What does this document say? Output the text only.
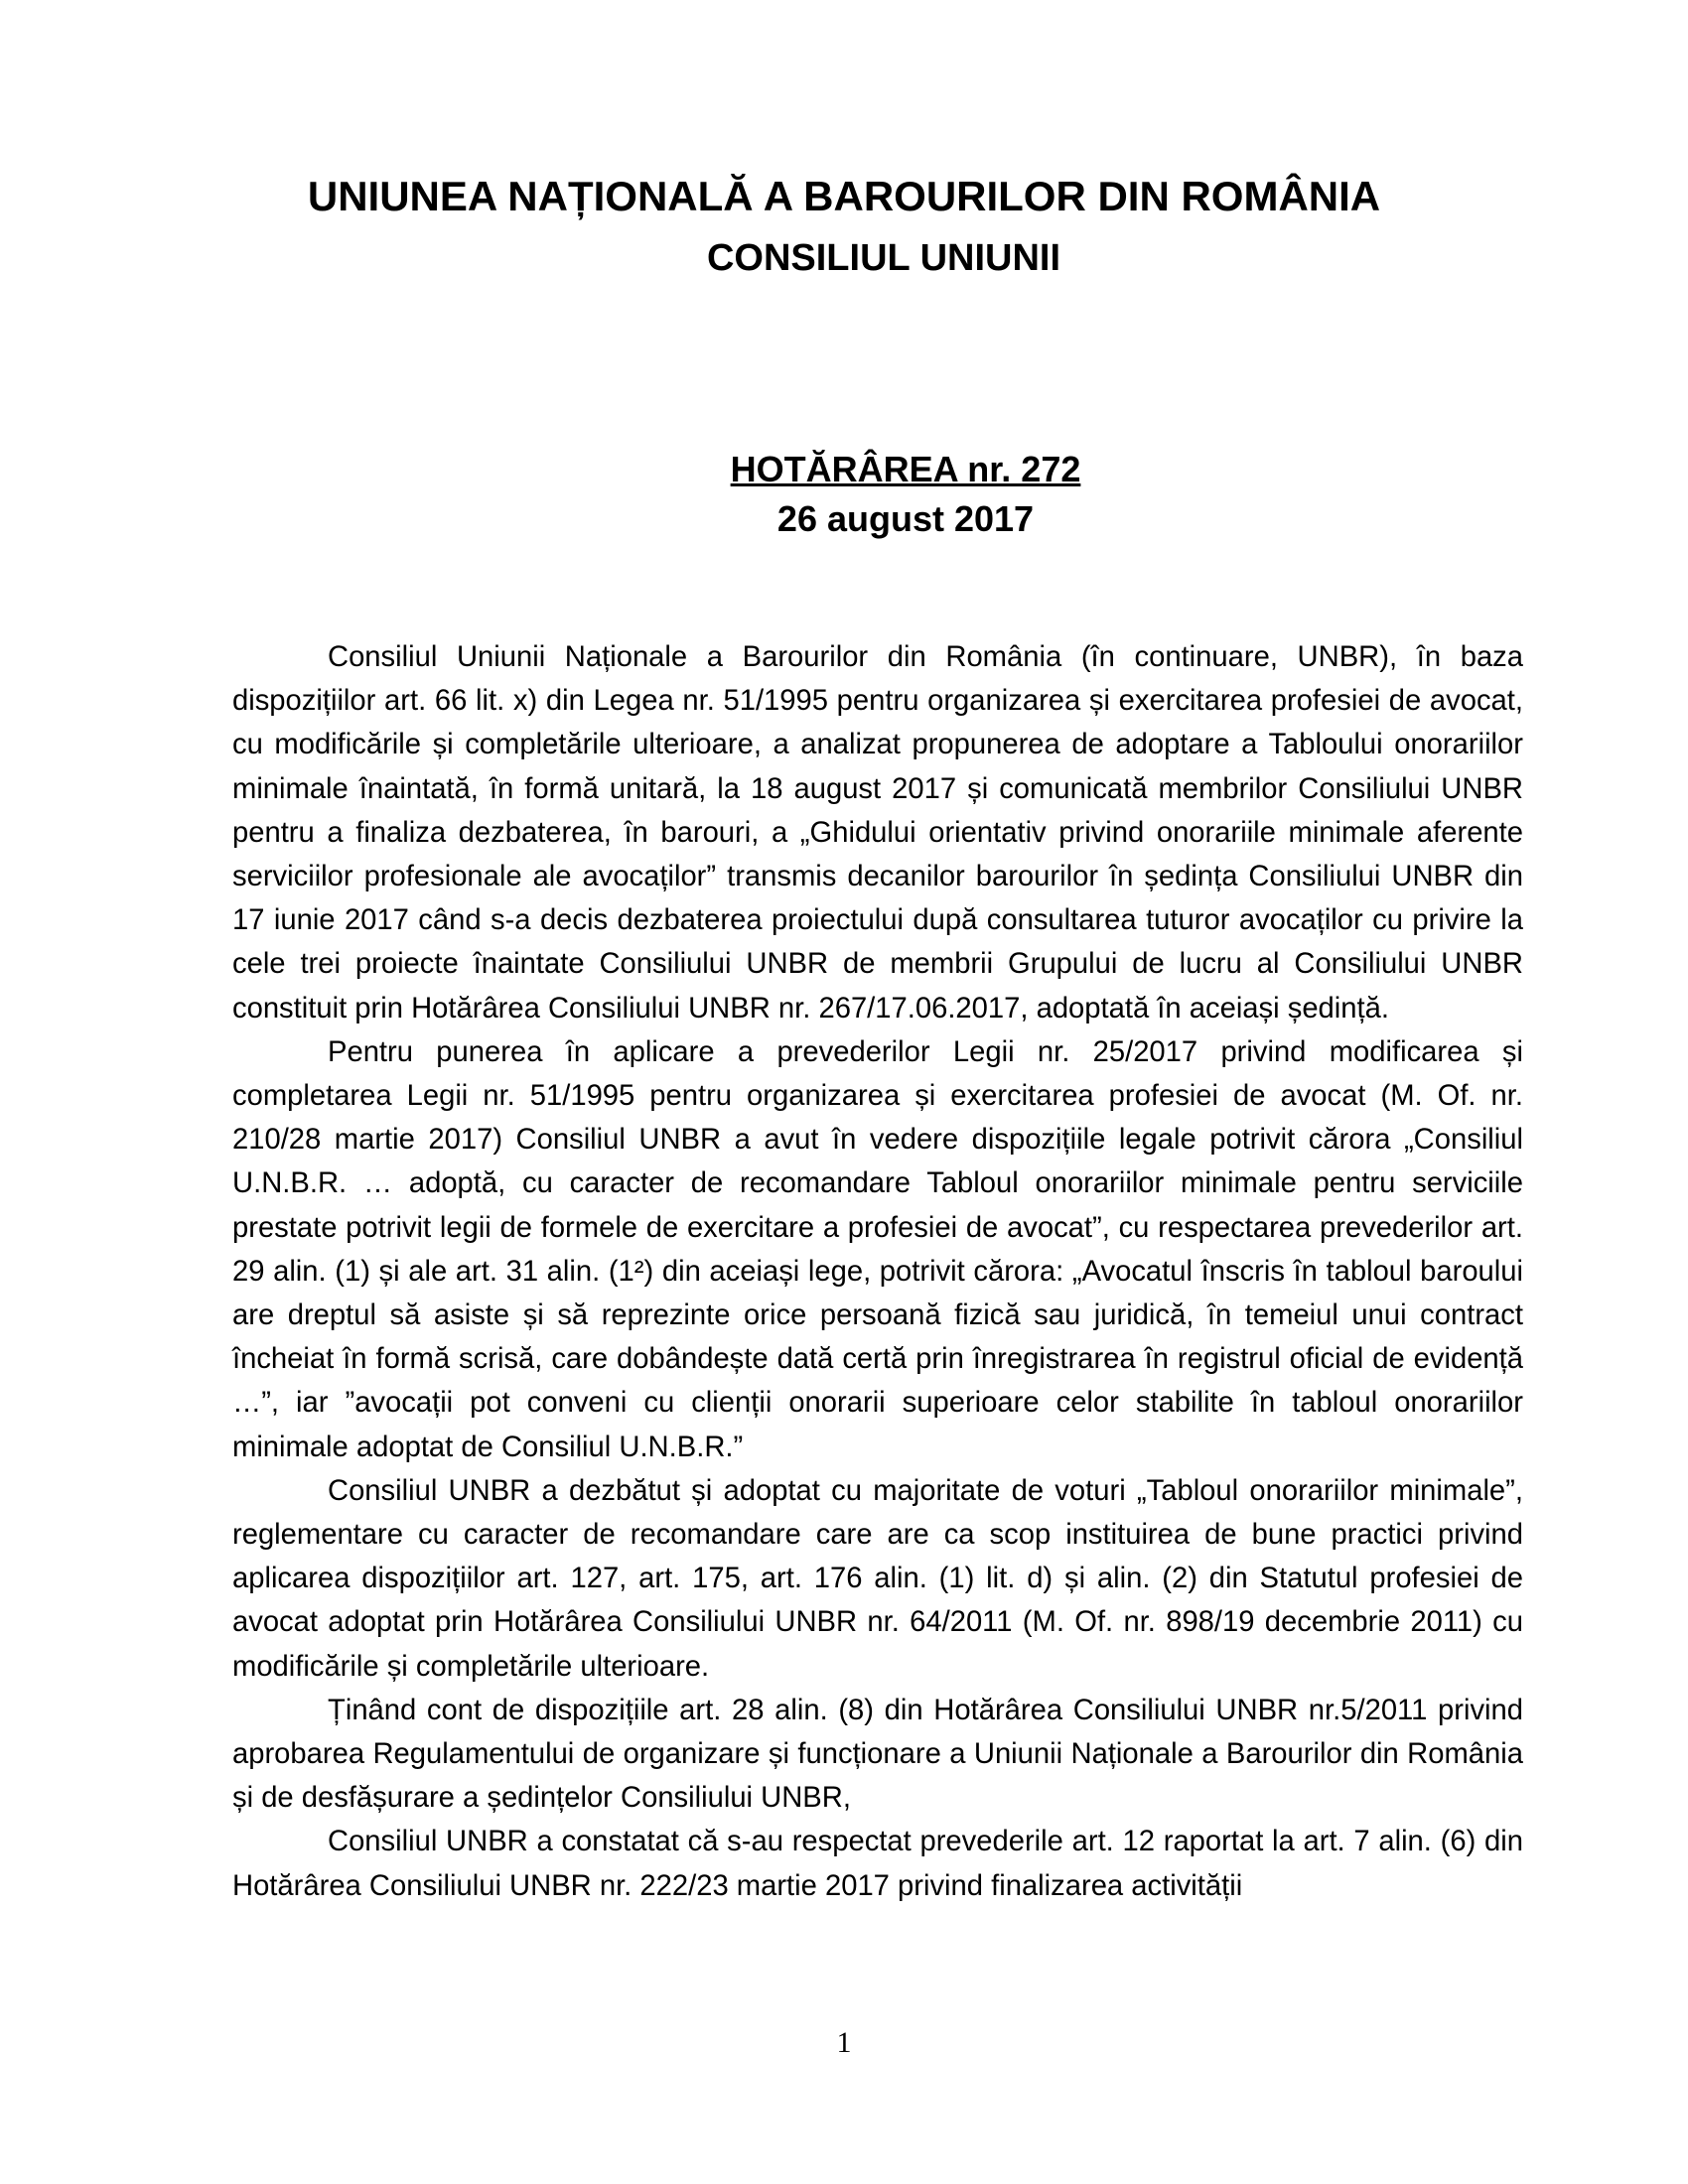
UNIUNEA NAȚIONALĂ A BAROURILOR DIN ROMÂNIA
CONSILIUL UNIUNII
HOTĂRÂREA nr. 272
26 august 2017

Consiliul Uniunii Naționale a Barourilor din România (în continuare, UNBR), în baza dispozițiilor art. 66 lit. x) din Legea nr. 51/1995 pentru organizarea și exercitarea profesiei de avocat, cu modificările și completările ulterioare, a analizat propunerea de adoptare a Tabloului onorariilor minimale înaintată, în formă unitară, la 18 august 2017 și comunicată membrilor Consiliului UNBR pentru a finaliza dezbaterea, în barouri, a „Ghidului orientativ privind onorariile minimale aferente serviciilor profesionale ale avocaților” transmis decanilor barourilor în ședința Consiliului UNBR din 17 iunie 2017 când s-a decis dezbaterea proiectului după consultarea tuturor avocaților cu privire la cele trei proiecte înaintate Consiliului UNBR de membrii Grupului de lucru al Consiliului UNBR constituit prin Hotărârea Consiliului UNBR nr. 267/17.06.2017, adoptată în aceiași ședință.

Pentru punerea în aplicare a prevederilor Legii nr. 25/2017 privind modificarea și completarea Legii nr. 51/1995 pentru organizarea și exercitarea profesiei de avocat (M. Of. nr. 210/28 martie 2017) Consiliul UNBR a avut în vedere dispozițiile legale potrivit cărora „Consiliul U.N.B.R. … adoptă, cu caracter de recomandare Tabloul onorariilor minimale pentru serviciile prestate potrivit legii de formele de exercitare a profesiei de avocat”, cu respectarea prevederilor art. 29 alin. (1) și ale art. 31 alin. (1²) din aceiași lege, potrivit cărora: „Avocatul înscris în tabloul baroului are dreptul să asiste și să reprezinte orice persoană fizică sau juridică, în temeiul unui contract încheiat în formă scrisă, care dobândește dată certă prin înregistrarea în registrul oficial de evidență …”, iar ”avocații pot conveni cu clienții onorarii superioare celor stabilite în tabloul onorariilor minimale adoptat de Consiliul U.N.B.R.”

Consiliul UNBR a dezbătut și adoptat cu majoritate de voturi „Tabloul onorariilor minimale”, reglementare cu caracter de recomandare care are ca scop instituirea de bune practici privind aplicarea dispozițiilor art. 127, art. 175, art. 176 alin. (1) lit. d) și alin. (2) din Statutul profesiei de avocat adoptat prin Hotărârea Consiliului UNBR nr. 64/2011 (M. Of. nr. 898/19 decembrie 2011) cu modificările și completările ulterioare.

Ținând cont de dispozițiile art. 28 alin. (8) din Hotărârea Consiliului UNBR nr.5/2011 privind aprobarea Regulamentului de organizare și funcționare a Uniunii Naționale a Barourilor din România și de desfășurare a ședințelor Consiliului UNBR,

Consiliul UNBR a constatat că s-au respectat prevederile art. 12 raportat la art. 7 alin. (6) din Hotărârea Consiliului UNBR nr. 222/23 martie 2017 privind finalizarea activității

1
